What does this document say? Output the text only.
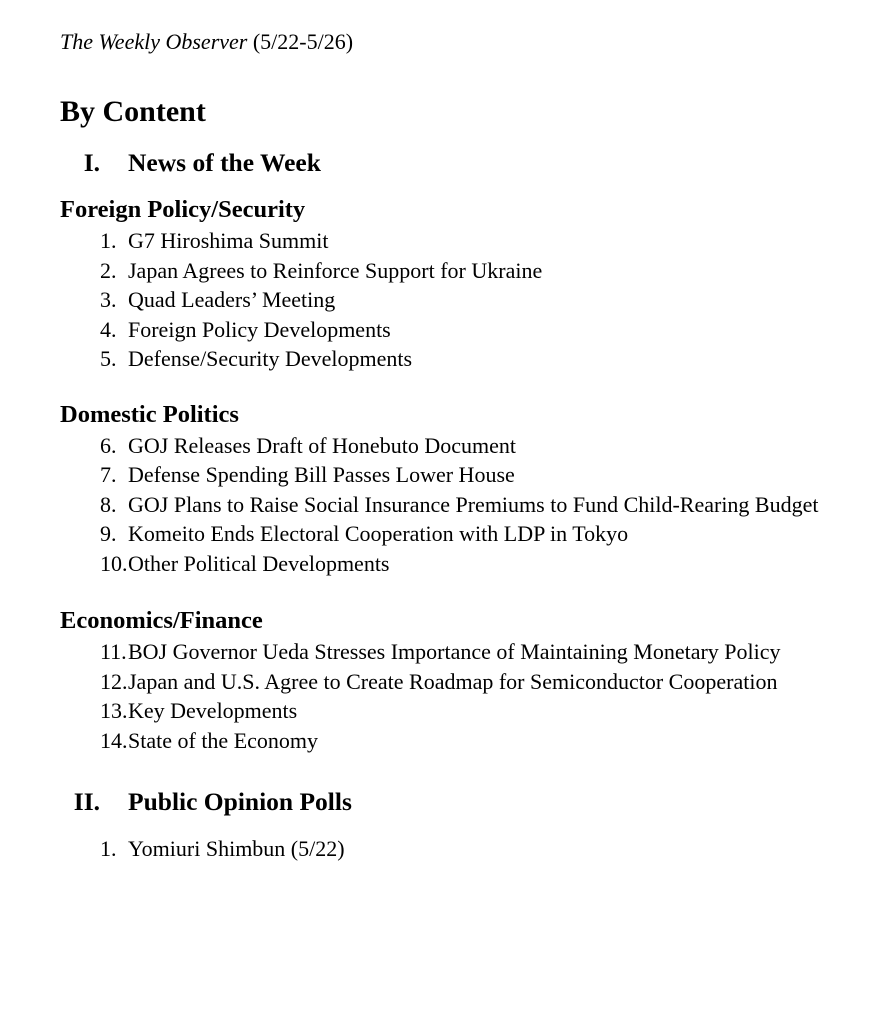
The Weekly Observer (5/22-5/26)

By Content
I. News of the Week
Foreign Policy/Security
1. G7 Hiroshima Summit
2. Japan Agrees to Reinforce Support for Ukraine
3. Quad Leaders’ Meeting
4. Foreign Policy Developments
5. Defense/Security Developments
Domestic Politics
6. GOJ Releases Draft of Honebuto Document
7. Defense Spending Bill Passes Lower House
8. GOJ Plans to Raise Social Insurance Premiums to Fund Child-Rearing Budget
9. Komeito Ends Electoral Cooperation with LDP in Tokyo
10. Other Political Developments
Economics/Finance
11. BOJ Governor Ueda Stresses Importance of Maintaining Monetary Policy
12. Japan and U.S. Agree to Create Roadmap for Semiconductor Cooperation
13. Key Developments
14. State of the Economy
II. Public Opinion Polls
1. Yomiuri Shimbun (5/22)
